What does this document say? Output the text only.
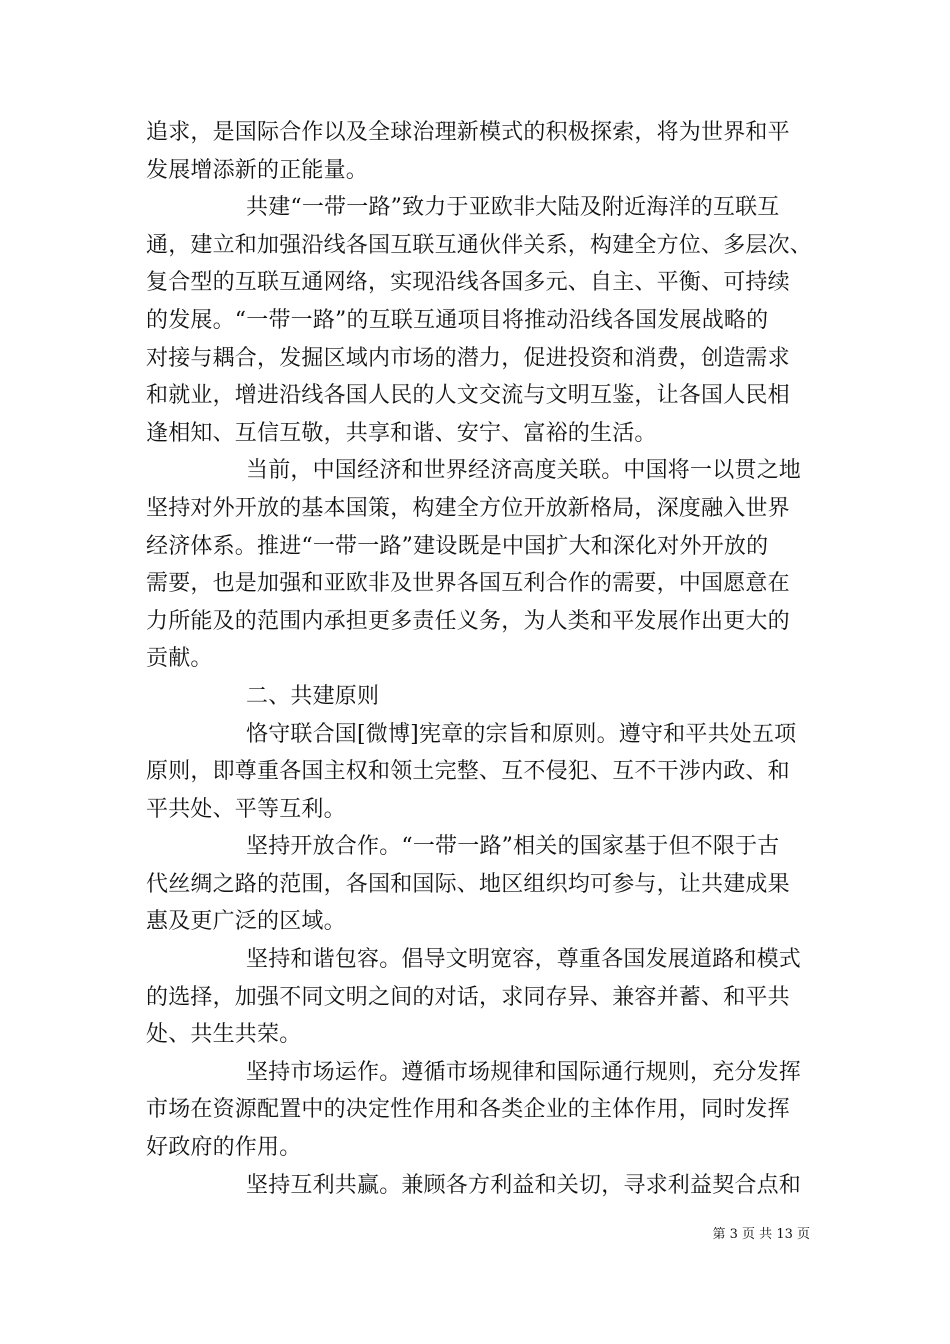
追求，是国际合作以及全球治理新模式的积极探索，将为世界和平
发展增添新的正能量。
共建“一带一路”致力于亚欧非大陆及附近海洋的互联互
通，建立和加强沿线各国互联互通伙伴关系，构建全方位、多层次、
复合型的互联互通网络，实现沿线各国多元、自主、平衡、可持续
的发展。“一带一路”的互联互通项目将推动沿线各国发展战略的
对接与耦合，发掘区域内市场的潜力，促进投资和消费，创造需求
和就业，增进沿线各国人民的人文交流与文明互鉴，让各国人民相
逢相知、互信互敬，共享和谐、安宁、富裕的生活。
当前，中国经济和世界经济高度关联。中国将一以贯之地
坚持对外开放的基本国策，构建全方位开放新格局，深度融入世界
经济体系。推进“一带一路”建设既是中国扩大和深化对外开放的
需要，也是加强和亚欧非及世界各国互利合作的需要，中国愿意在
力所能及的范围内承担更多责任义务，为人类和平发展作出更大的
贡献。
二、共建原则
恪守联合国[微博]宪章的宗旨和原则。遵守和平共处五项
原则，即尊重各国主权和领土完整、互不侵犯、互不干涉内政、和
平共处、平等互利。
坚持开放合作。“一带一路”相关的国家基于但不限于古
代丝绸之路的范围，各国和国际、地区组织均可参与，让共建成果
惠及更广泛的区域。
坚持和谐包容。倡导文明宽容，尊重各国发展道路和模式
的选择，加强不同文明之间的对话，求同存异、兼容并蓄、和平共
处、共生共荣。
坚持市场运作。遵循市场规律和国际通行规则，充分发挥
市场在资源配置中的决定性作用和各类企业的主体作用，同时发挥
好政府的作用。
坚持互利共赢。兼顾各方利益和关切，寻求利益契合点和
第 3 页 共 13 页
